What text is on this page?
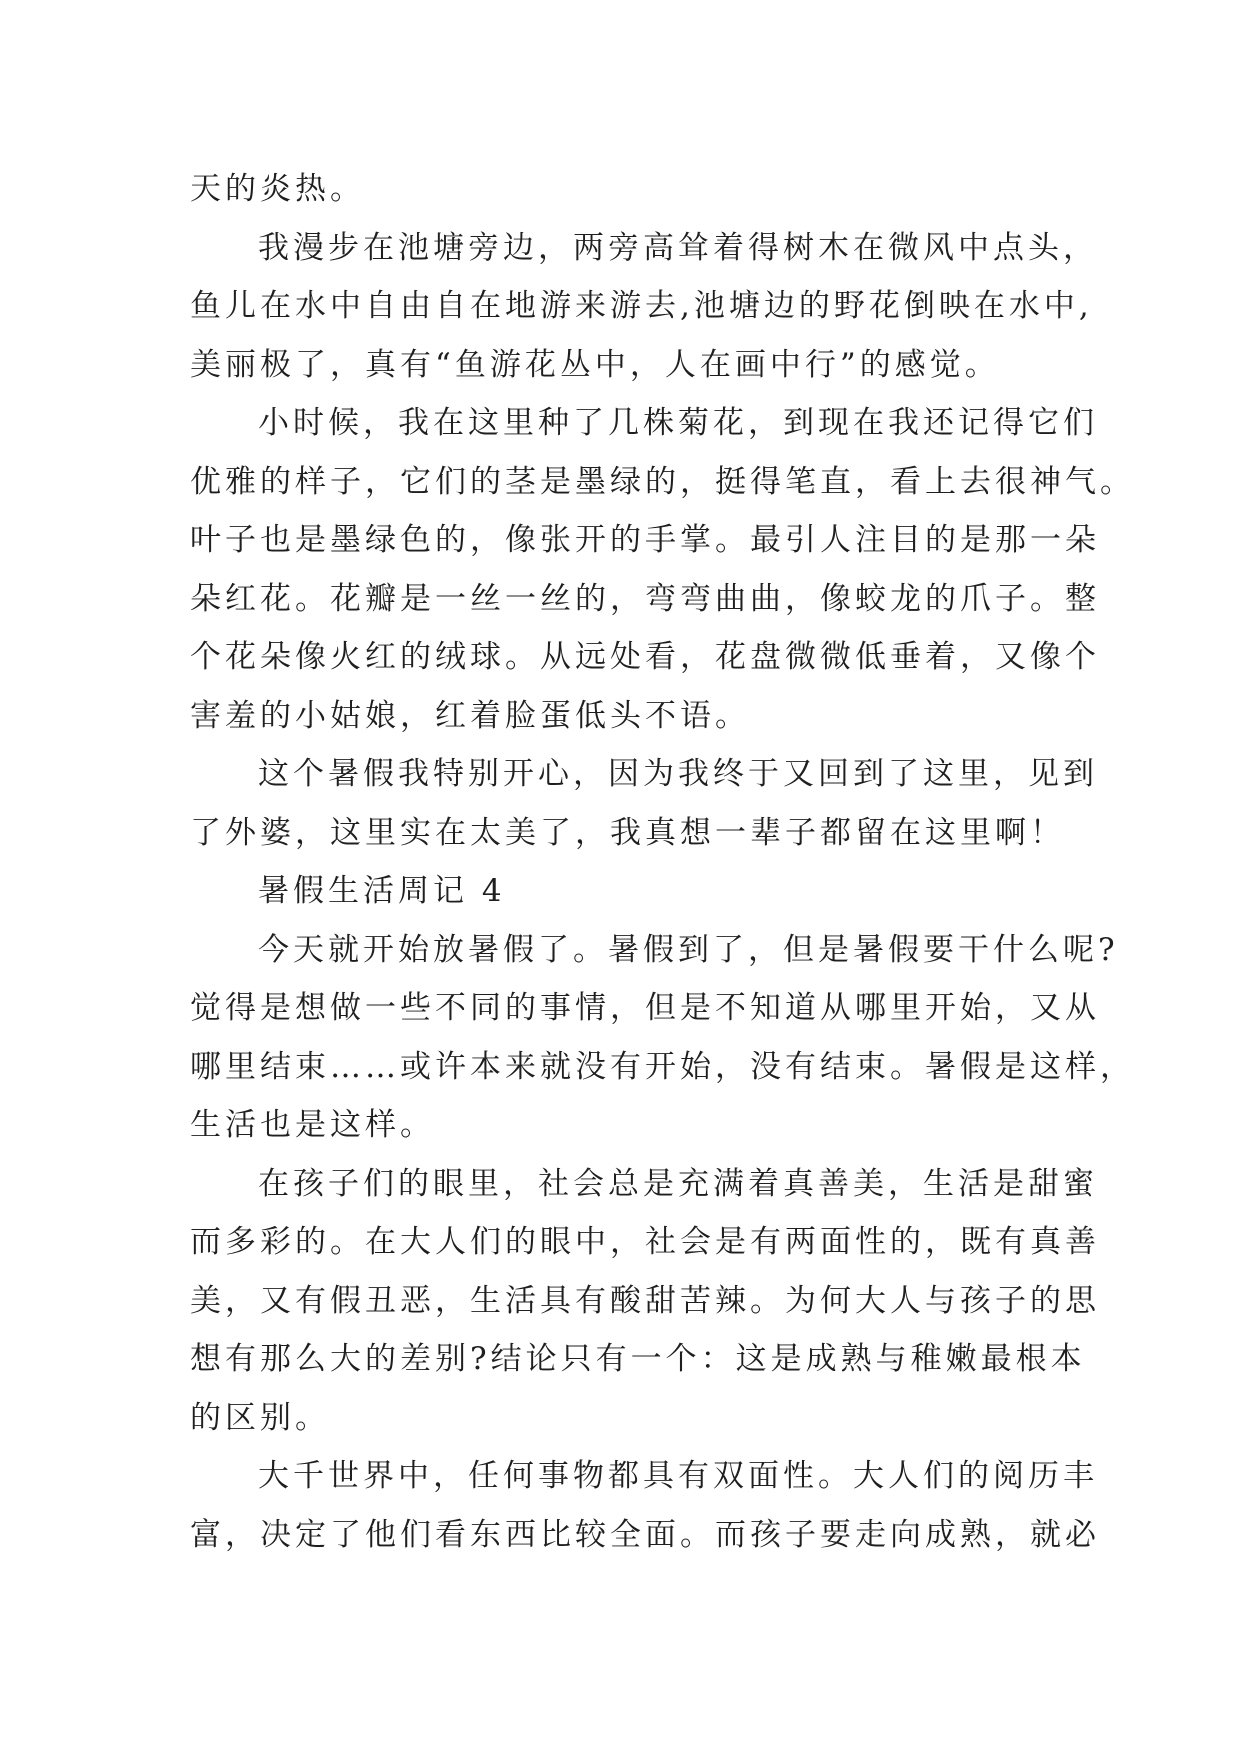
天的炎热。
我漫步在池塘旁边，两旁高耸着得树木在微风中点头，
鱼儿在水中自由自在地游来游去,池塘边的野花倒映在水中,
美丽极了，真有“鱼游花丛中，人在画中行”的感觉。
小时候，我在这里种了几株菊花，到现在我还记得它们
优雅的样子，它们的茎是墨绿的，挺得笔直，看上去很神气。
叶子也是墨绿色的，像张开的手掌。最引人注目的是那一朵
朵红花。花瓣是一丝一丝的，弯弯曲曲，像蛟龙的爪子。整
个花朵像火红的绒球。从远处看，花盘微微低垂着，又像个
害羞的小姑娘，红着脸蛋低头不语。
这个暑假我特别开心，因为我终于又回到了这里，见到
了外婆，这里实在太美了，我真想一辈子都留在这里啊！
暑假生活周记 4
今天就开始放暑假了。暑假到了，但是暑假要干什么呢?
觉得是想做一些不同的事情，但是不知道从哪里开始，又从
哪里结束……或许本来就没有开始，没有结束。暑假是这样，
生活也是这样。
在孩子们的眼里，社会总是充满着真善美，生活是甜蜜
而多彩的。在大人们的眼中，社会是有两面性的，既有真善
美，又有假丑恶，生活具有酸甜苦辣。为何大人与孩子的思
想有那么大的差别?结论只有一个：这是成熟与稚嫩最根本
的区别。
大千世界中，任何事物都具有双面性。大人们的阅历丰
富，决定了他们看东西比较全面。而孩子要走向成熟，就必
